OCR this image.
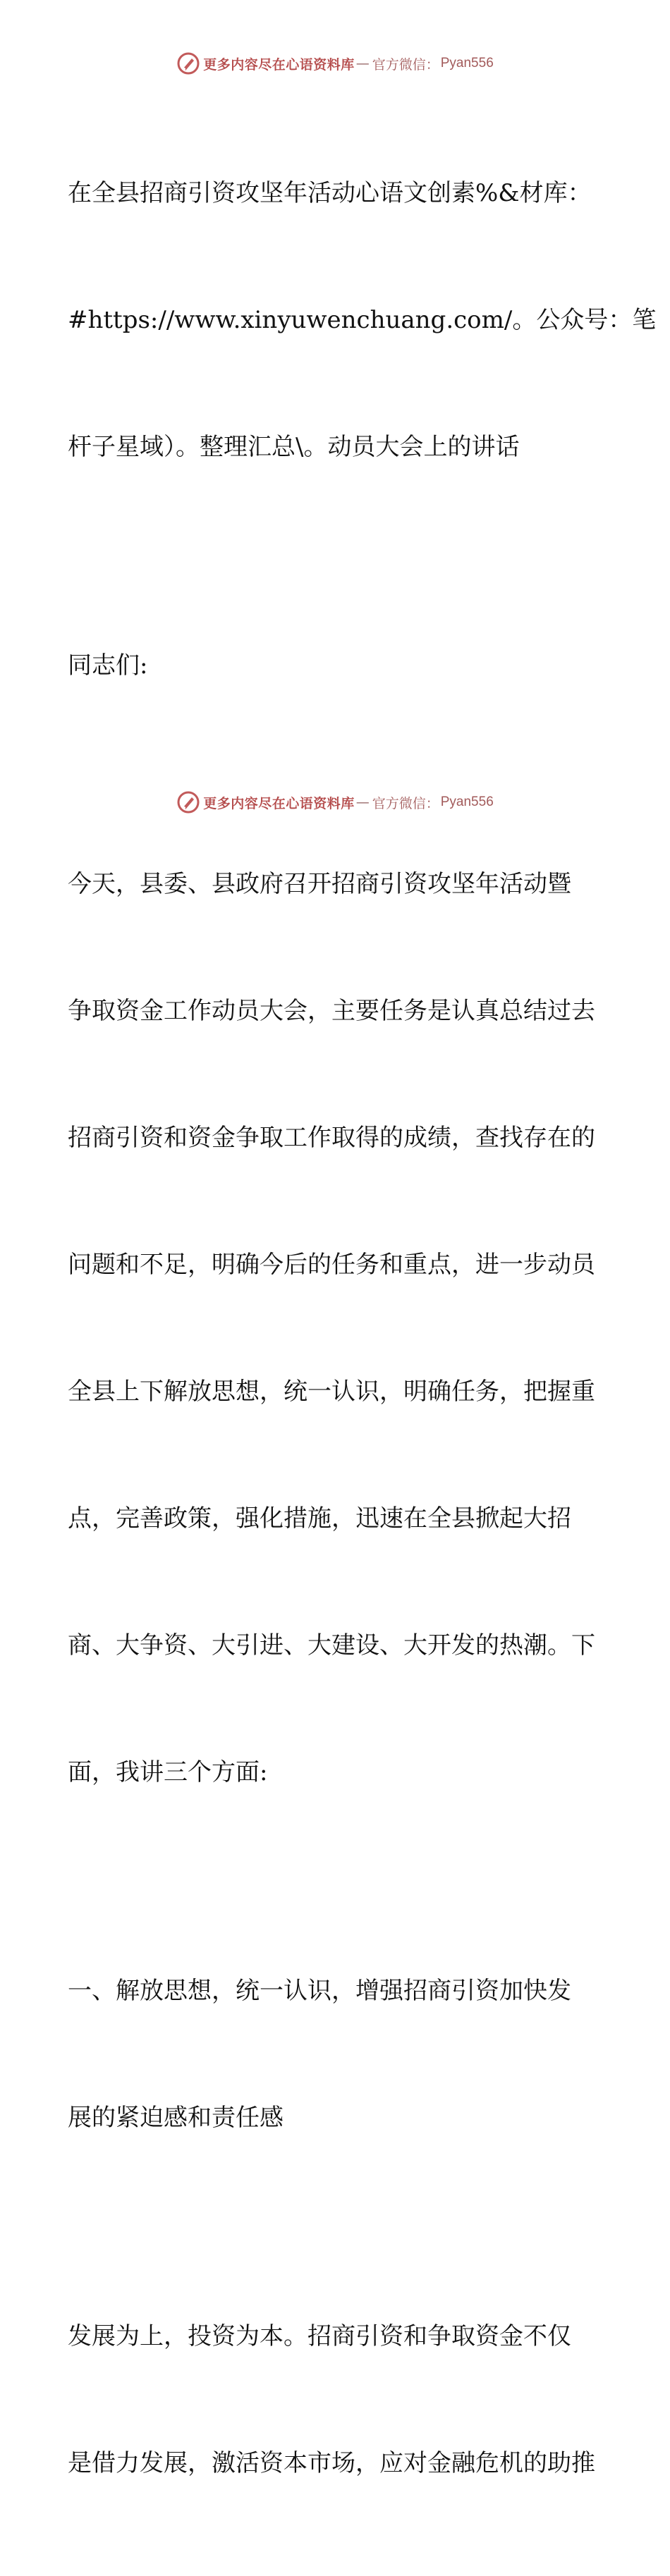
更多内容尽在心语资料库 — 官方微信： Pyan556

在全县招商引资攻坚年活动心语文创素%&材库：

#https://www.xinyuwenchuang.com/。公众号：笔

杆子星域）。整理汇总\。动员大会上的讲话

同志们:

今天，县委、县政府召开招商引资攻坚年活动暨

争取资金工作动员大会，主要任务是认真总结过去

招商引资和资金争取工作取得的成绩，查找存在的

问题和不足，明确今后的任务和重点，进一步动员

全县上下解放思想，统一认识，明确任务，把握重

点，完善政策，强化措施，迅速在全县掀起大招

商、大争资、大引进、大建设、大开发的热潮。下

面，我讲三个方面:

一、解放思想，统一认识，增强招商引资加快发

展的紧迫感和责任感

发展为上，投资为本。招商引资和争取资金不仅

是借力发展，激活资本市场，应对金融危机的助推

更多内容尽在心语资料库 — 官方微信： Pyan556
